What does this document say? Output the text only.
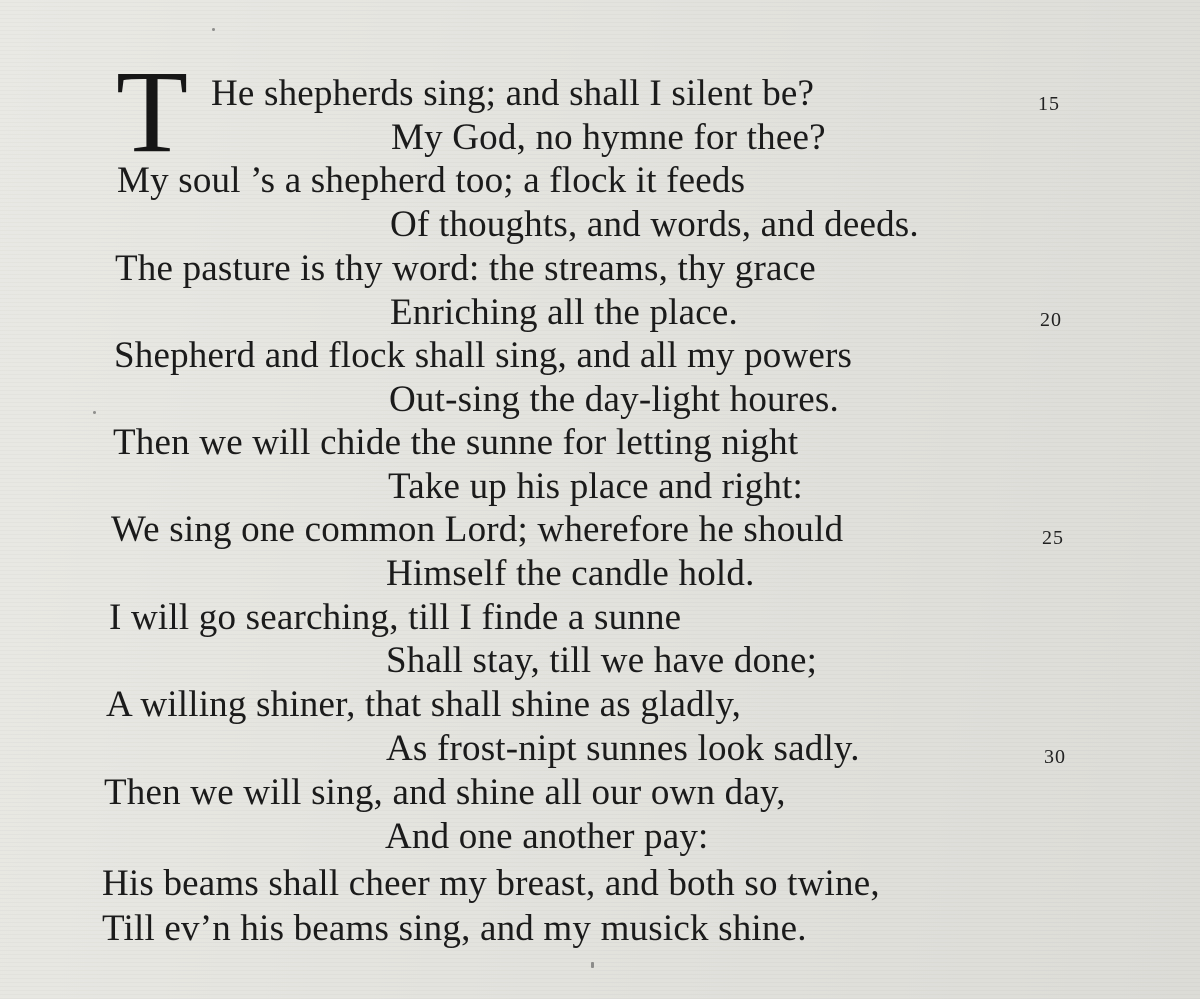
T He shepherds sing; and shall I silent be?
My God, no hymne for thee?
My soul ’s a shepherd too; a flock it feeds
Of thoughts, and words, and deeds.
The pasture is thy word: the streams, thy grace
Enriching all the place.
Shepherd and flock shall sing, and all my powers
Out-sing the day-light houres.
Then we will chide the sunne for letting night
Take up his place and right:
We sing one common Lord; wherefore he should
Himself the candle hold.
I will go searching, till I finde a sunne
Shall stay, till we have done;
A willing shiner, that shall shine as gladly,
As frost-nipt sunnes look sadly.
Then we will sing, and shine all our own day,
And one another pay:
His beams shall cheer my breast, and both so twine,
Till ev’n his beams sing, and my musick shine.
15
20
25
30
